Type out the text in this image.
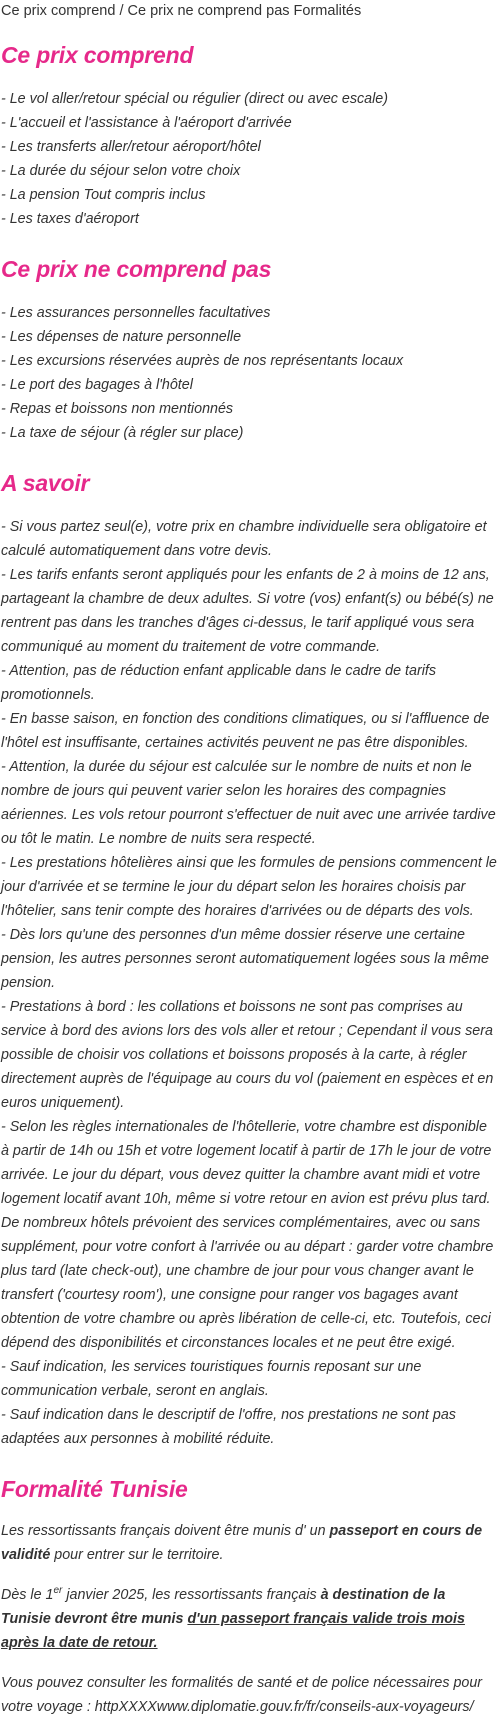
Ce prix comprend / Ce prix ne comprend pas Formalités

Ce prix comprend
- Le vol aller/retour spécial ou régulier (direct ou avec escale)
- L'accueil et l'assistance à l'aéroport d'arrivée
- Les transferts aller/retour aéroport/hôtel
- La durée du séjour selon votre choix
- La pension Tout compris inclus
- Les taxes d'aéroport
Ce prix ne comprend pas
- Les assurances personnelles facultatives
- Les dépenses de nature personnelle
- Les excursions réservées auprès de nos représentants locaux
- Le port des bagages à l'hôtel
- Repas et boissons non mentionnés
- La taxe de séjour (à régler sur place)
A savoir

- Si vous partez seul(e), votre prix en chambre individuelle sera obligatoire et calculé automatiquement dans votre devis.
- Les tarifs enfants seront appliqués pour les enfants de 2 à moins de 12 ans, partageant la chambre de deux adultes. Si votre (vos) enfant(s) ou bébé(s) ne rentrent pas dans les tranches d'âges ci-dessus, le tarif appliqué vous sera communiqué au moment du traitement de votre commande.
- Attention, pas de réduction enfant applicable dans le cadre de tarifs promotionnels.
- En basse saison, en fonction des conditions climatiques, ou si l'affluence de l'hôtel est insuffisante, certaines activités peuvent ne pas être disponibles.
- Attention, la durée du séjour est calculée sur le nombre de nuits et non le nombre de jours qui peuvent varier selon les horaires des compagnies aériennes. Les vols retour pourront s'effectuer de nuit avec une arrivée tardive ou tôt le matin. Le nombre de nuits sera respecté.
- Les prestations hôtelières ainsi que les formules de pensions commencent le jour d'arrivée et se termine le jour du départ selon les horaires choisis par l'hôtelier, sans tenir compte des horaires d'arrivées ou de départs des vols.
- Dès lors qu'une des personnes d'un même dossier réserve une certaine pension, les autres personnes seront automatiquement logées sous la même pension.
- Prestations à bord : les collations et boissons ne sont pas comprises au service à bord des avions lors des vols aller et retour ; Cependant il vous sera possible de choisir vos collations et boissons proposés à la carte, à régler directement auprès de l'équipage au cours du vol (paiement en espèces et en euros uniquement).
- Selon les règles internationales de l'hôtellerie, votre chambre est disponible à partir de 14h ou 15h et votre logement locatif à partir de 17h le jour de votre arrivée. Le jour du départ, vous devez quitter la chambre avant midi et votre logement locatif avant 10h, même si votre retour en avion est prévu plus tard. De nombreux hôtels prévoient des services complémentaires, avec ou sans supplément, pour votre confort à l'arrivée ou au départ : garder votre chambre plus tard (late check-out), une chambre de jour pour vous changer avant le transfert ('courtesy room'), une consigne pour ranger vos bagages avant obtention de votre chambre ou après libération de celle-ci, etc. Toutefois, ceci dépend des disponibilités et circonstances locales et ne peut être exigé.
- Sauf indication, les services touristiques fournis reposant sur une communication verbale, seront en anglais.
- Sauf indication dans le descriptif de l'offre, nos prestations ne sont pas adaptées aux personnes à mobilité réduite.

Formalité Tunisie

Les ressortissants français doivent être munis d' un passeport en cours de validité pour entrer sur le territoire.

Dès le 1er janvier 2025, les ressortissants français à destination de la Tunisie devront être munis d'un passeport français valide trois mois après la date de retour.

Vous pouvez consulter les formalités de santé et de police nécessaires pour votre voyage : httpXXXXwww.diplomatie.gouv.fr/fr/conseils-aux-voyageurs/
